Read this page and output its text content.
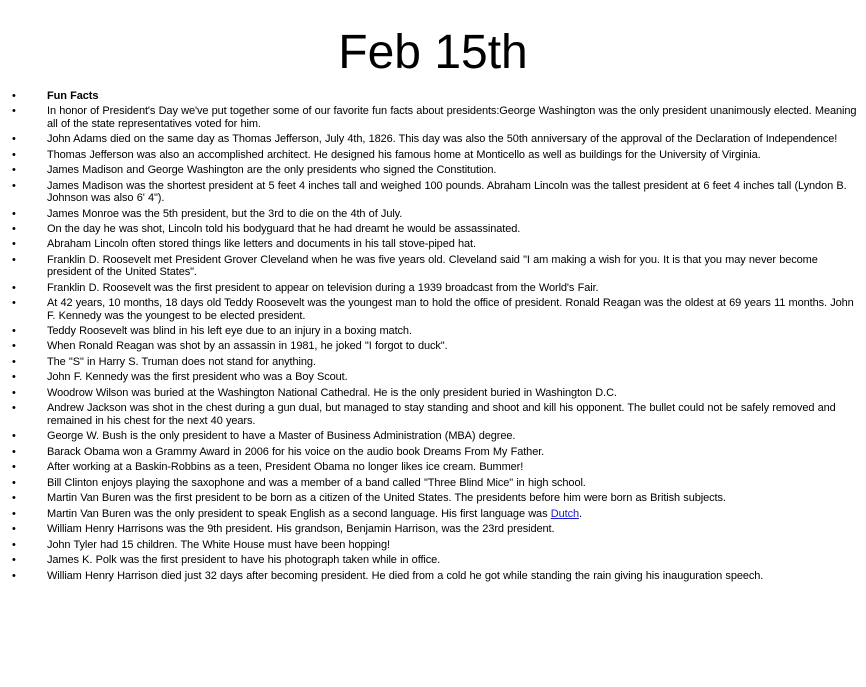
Feb 15th
•	Fun Facts
•	In honor of President's Day we've put together some of our favorite fun facts about presidents:George Washington was the only president unanimously elected. Meaning all of the state representatives voted for him.
•	John Adams died on the same day as Thomas Jefferson, July 4th, 1826. This day was also the 50th anniversary of the approval of the Declaration of Independence!
•	Thomas Jefferson was also an accomplished architect. He designed his famous home at Monticello as well as buildings for the University of Virginia.
•	James Madison and George Washington are the only presidents who signed the Constitution.
•	James Madison was the shortest president at 5 feet 4 inches tall and weighed 100 pounds. Abraham Lincoln was the tallest president at 6 feet 4 inches tall (Lyndon B. Johnson was also 6' 4").
•	James Monroe was the 5th president, but the 3rd to die on the 4th of July.
•	On the day he was shot, Lincoln told his bodyguard that he had dreamt he would be assassinated.
•	Abraham Lincoln often stored things like letters and documents in his tall stove-piped hat.
•	Franklin D. Roosevelt met President Grover Cleveland when he was five years old. Cleveland said "I am making a wish for you. It is that you may never become president of the United States".
•	Franklin D. Roosevelt was the first president to appear on television during a 1939 broadcast from the World's Fair.
•	At 42 years, 10 months, 18 days old Teddy Roosevelt was the youngest man to hold the office of president. Ronald Reagan was the oldest at 69 years 11 months. John F. Kennedy was the youngest to be elected president.
•	Teddy Roosevelt was blind in his left eye due to an injury in a boxing match.
•	When Ronald Reagan was shot by an assassin in 1981, he joked "I forgot to duck".
•	The "S" in Harry S. Truman does not stand for anything.
•	John F. Kennedy was the first president who was a Boy Scout.
•	Woodrow Wilson was buried at the Washington National Cathedral. He is the only president buried in Washington D.C.
•	Andrew Jackson was shot in the chest during a gun dual, but managed to stay standing and shoot and kill his opponent. The bullet could not be safely removed and remained in his chest for the next 40 years.
•	George W. Bush is the only president to have a Master of Business Administration (MBA) degree.
•	Barack Obama won a Grammy Award in 2006 for his voice on the audio book Dreams From My Father.
•	After working at a Baskin-Robbins as a teen, President Obama no longer likes ice cream. Bummer!
•	Bill Clinton enjoys playing the saxophone and was a member of a band called "Three Blind Mice" in high school.
•	Martin Van Buren was the first president to be born as a citizen of the United States. The presidents before him were born as British subjects.
•	Martin Van Buren was the only president to speak English as a second language. His first language was Dutch.
•	William Henry Harrisons was the 9th president. His grandson, Benjamin Harrison, was the 23rd president.
•	John Tyler had 15 children. The White House must have been hopping!
•	James K. Polk was the first president to have his photograph taken while in office.
•	William Henry Harrison died just 32 days after becoming president. He died from a cold he got while standing the rain giving his inauguration speech.
